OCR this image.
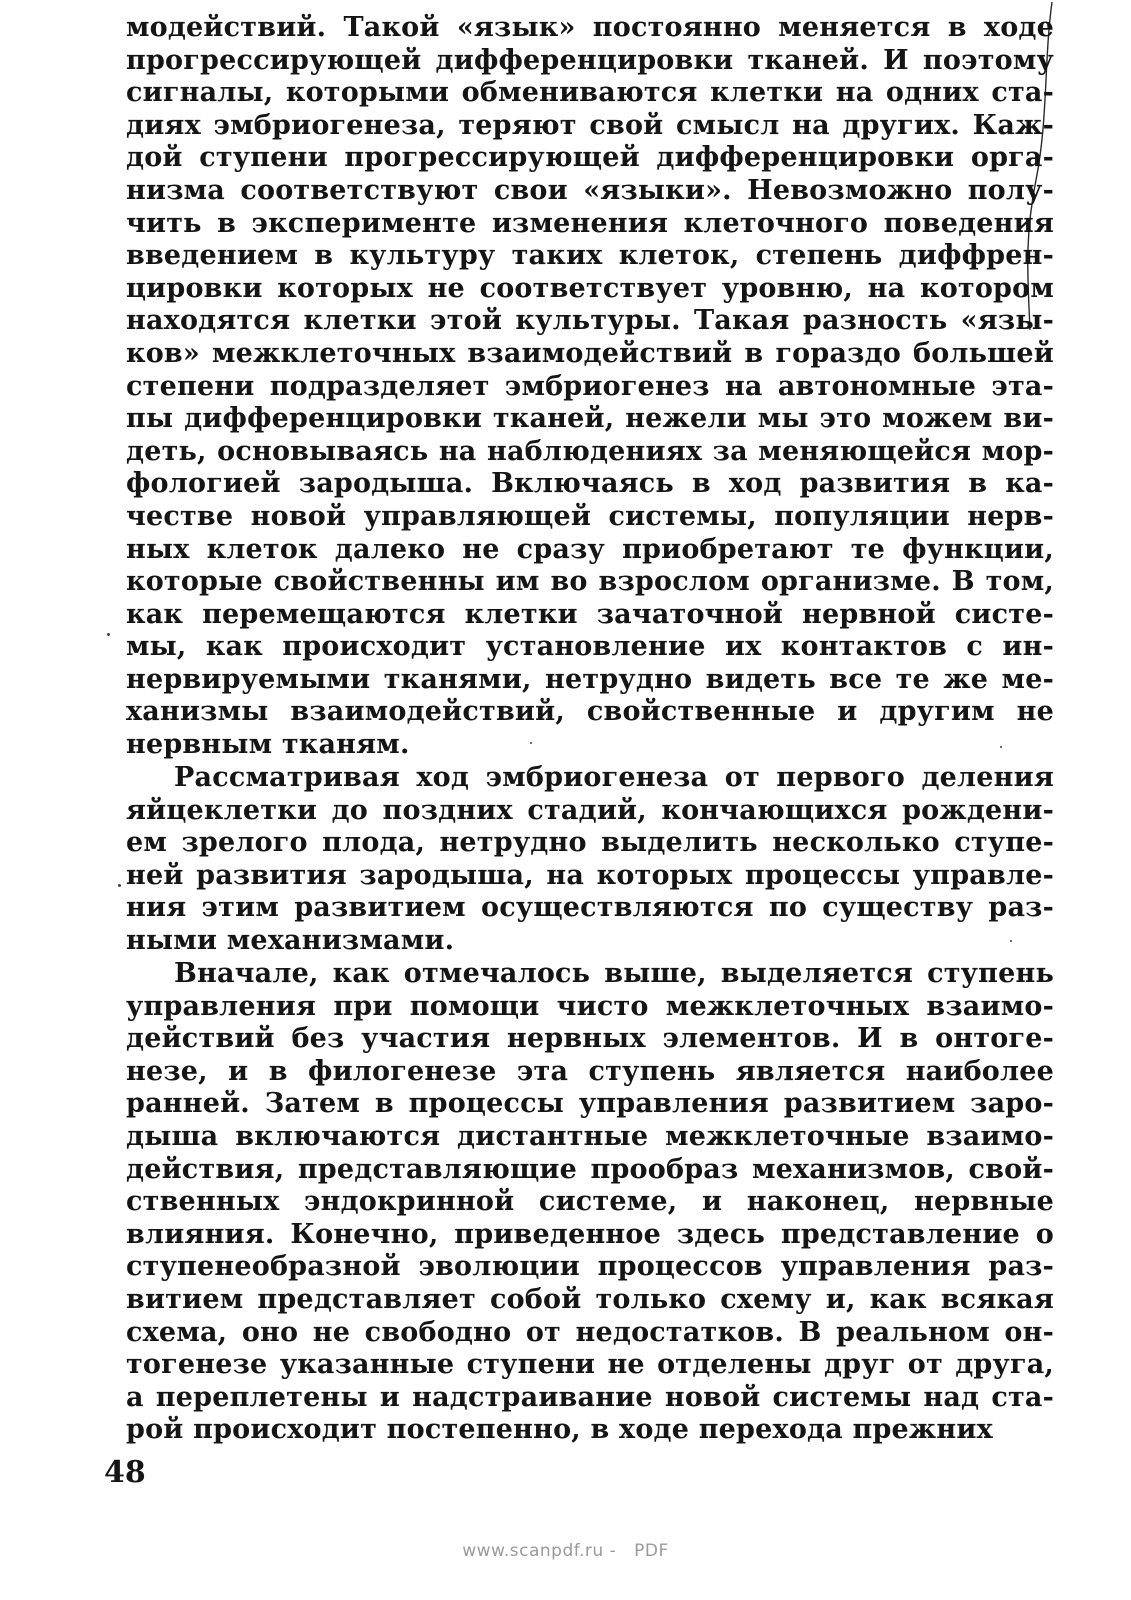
модействий. Такой «язык» постоянно меняется в ходе
прогрессирующей дифференцировки тканей. И поэтому
сигналы, которыми обмениваются клетки на одних ста-
диях эмбриогенеза, теряют свой смысл на других. Каж-
дой ступени прогрессирующей дифференцировки орга-
низма соответствуют свои «языки». Невозможно полу-
чить в эксперименте изменения клеточного поведения
введением в культуру таких клеток, степень диффрен-
цировки которых не соответствует уровню, на котором
находятся клетки этой культуры. Такая разность «язы-
ков» межклеточных взаимодействий в гораздо большей
степени подразделяет эмбриогенез на автономные эта-
пы дифференцировки тканей, нежели мы это можем ви-
деть, основываясь на наблюдениях за меняющейся мор-
фологией зародыша. Включаясь в ход развития в ка-
честве новой управляющей системы, популяции нерв-
ных клеток далеко не сразу приобретают те функции,
которые свойственны им во взрослом организме. В том,
как перемещаются клетки зачаточной нервной систе-
мы, как происходит установление их контактов с ин-
нервируемыми тканями, нетрудно видеть все те же ме-
ханизмы взаимодействий, свойственные и другим не
нервным тканям.
Рассматривая ход эмбриогенеза от первого деления
яйцеклетки до поздних стадий, кончающихся рождени-
ем зрелого плода, нетрудно выделить несколько ступе-
ней развития зародыша, на которых процессы управле-
ния этим развитием осуществляются по существу раз-
ными механизмами.
Вначале, как отмечалось выше, выделяется ступень
управления при помощи чисто межклеточных взаимо-
действий без участия нервных элементов. И в онтоге-
незе, и в филогенезе эта ступень является наиболее
ранней. Затем в процессы управления развитием заро-
дыша включаются дистантные межклеточные взаимо-
действия, представляющие прообраз механизмов, свой-
ственных эндокринной системе, и наконец, нервные
влияния. Конечно, приведенное здесь представление о
ступенеобразной эволюции процессов управления раз-
витием представляет собой только схему и, как всякая
схема, оно не свободно от недостатков. В реальном он-
тогенезе указанные ступени не отделены друг от друга,
а переплетены и надстраивание новой системы над ста-
рой происходит постепенно, в ходе перехода прежних
48
www.scanpdf.ru - PDF
